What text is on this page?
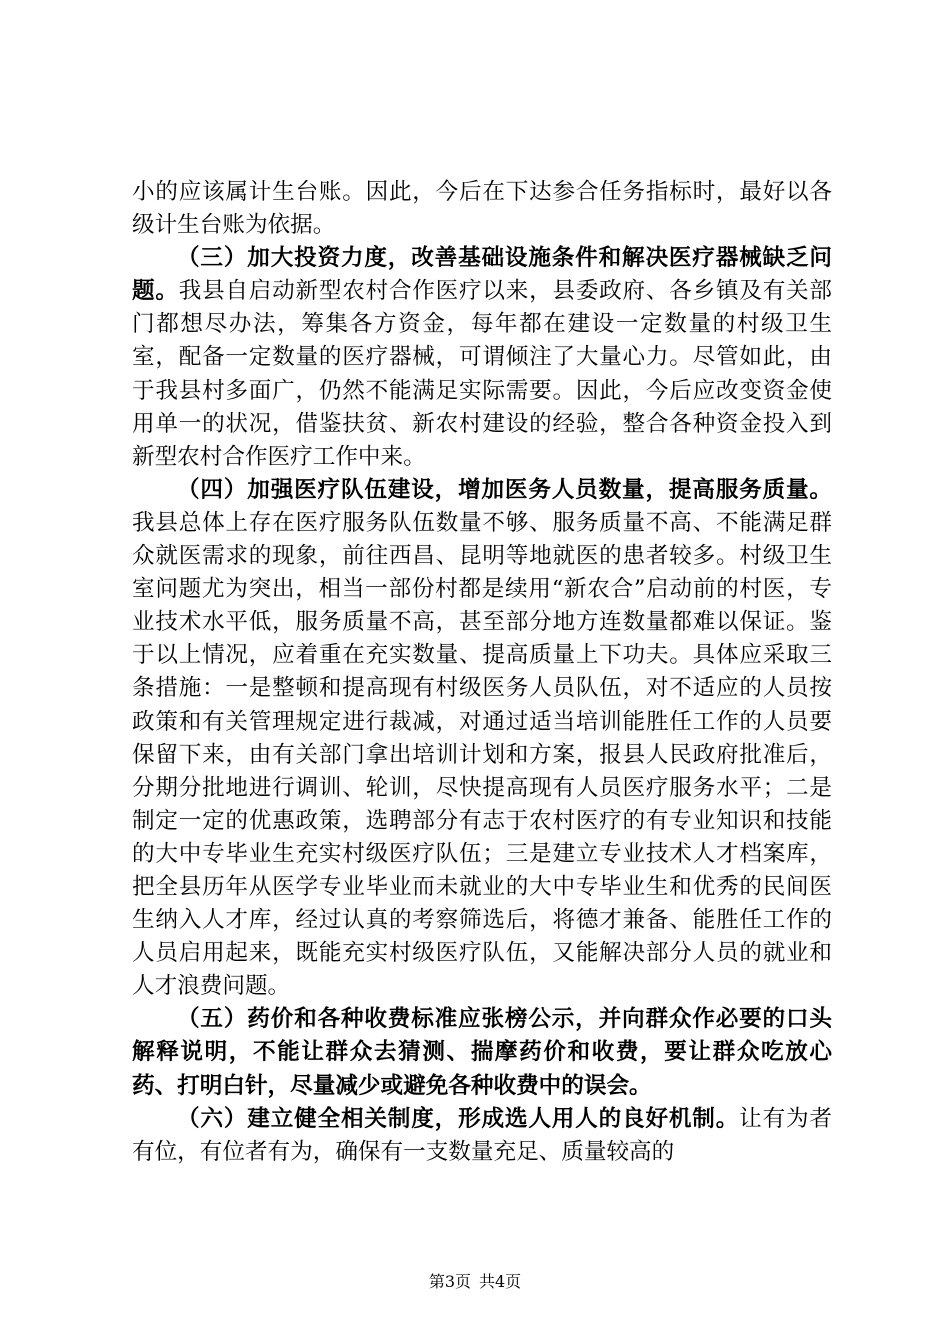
小的应该属计生台账。因此，今后在下达参合任务指标时，最好以各级计生台账为依据。

（三）加大投资力度，改善基础设施条件和解决医疗器械缺乏问题。我县自启动新型农村合作医疗以来，县委政府、各乡镇及有关部门都想尽办法，筹集各方资金，每年都在建设一定数量的村级卫生室，配备一定数量的医疗器械，可谓倾注了大量心力。尽管如此，由于我县村多面广，仍然不能满足实际需要。因此，今后应改变资金使用单一的状况，借鉴扶贫、新农村建设的经验，整合各种资金投入到新型农村合作医疗工作中来。

（四）加强医疗队伍建设，增加医务人员数量，提高服务质量。我县总体上存在医疗服务队伍数量不够、服务质量不高、不能满足群众就医需求的现象，前往西昌、昆明等地就医的患者较多。村级卫生室问题尤为突出，相当一部份村都是续用“新农合”启动前的村医，专业技术水平低，服务质量不高，甚至部分地方连数量都难以保证。鉴于以上情况，应着重在充实数量、提高质量上下功夫。具体应采取三条措施：一是整顿和提高现有村级医务人员队伍，对不适应的人员按政策和有关管理规定进行裁减，对通过适当培训能胜任工作的人员要保留下来，由有关部门拿出培训计划和方案，报县人民政府批准后，分期分批地进行调训、轮训，尽快提高现有人员医疗服务水平；二是制定一定的优惠政策，选聘部分有志于农村医疗的有专业知识和技能的大中专毕业生充实村级医疗队伍；三是建立专业技术人才档案库，把全县历年从医学专业毕业而未就业的大中专毕业生和优秀的民间医生纳入人才库，经过认真的考察筛选后，将德才兼备、能胜任工作的人员启用起来，既能充实村级医疗队伍，又能解决部分人员的就业和人才浪费问题。

（五）药价和各种收费标准应张榜公示，并向群众作必要的口头解释说明，不能让群众去猜测、揣摩药价和收费，要让群众吃放心药、打明白针，尽量减少或避免各种收费中的误会。

（六）建立健全相关制度，形成选人用人的良好机制。让有为者有位，有位者有为，确保有一支数量充足、质量较高的

第3页 共4页
